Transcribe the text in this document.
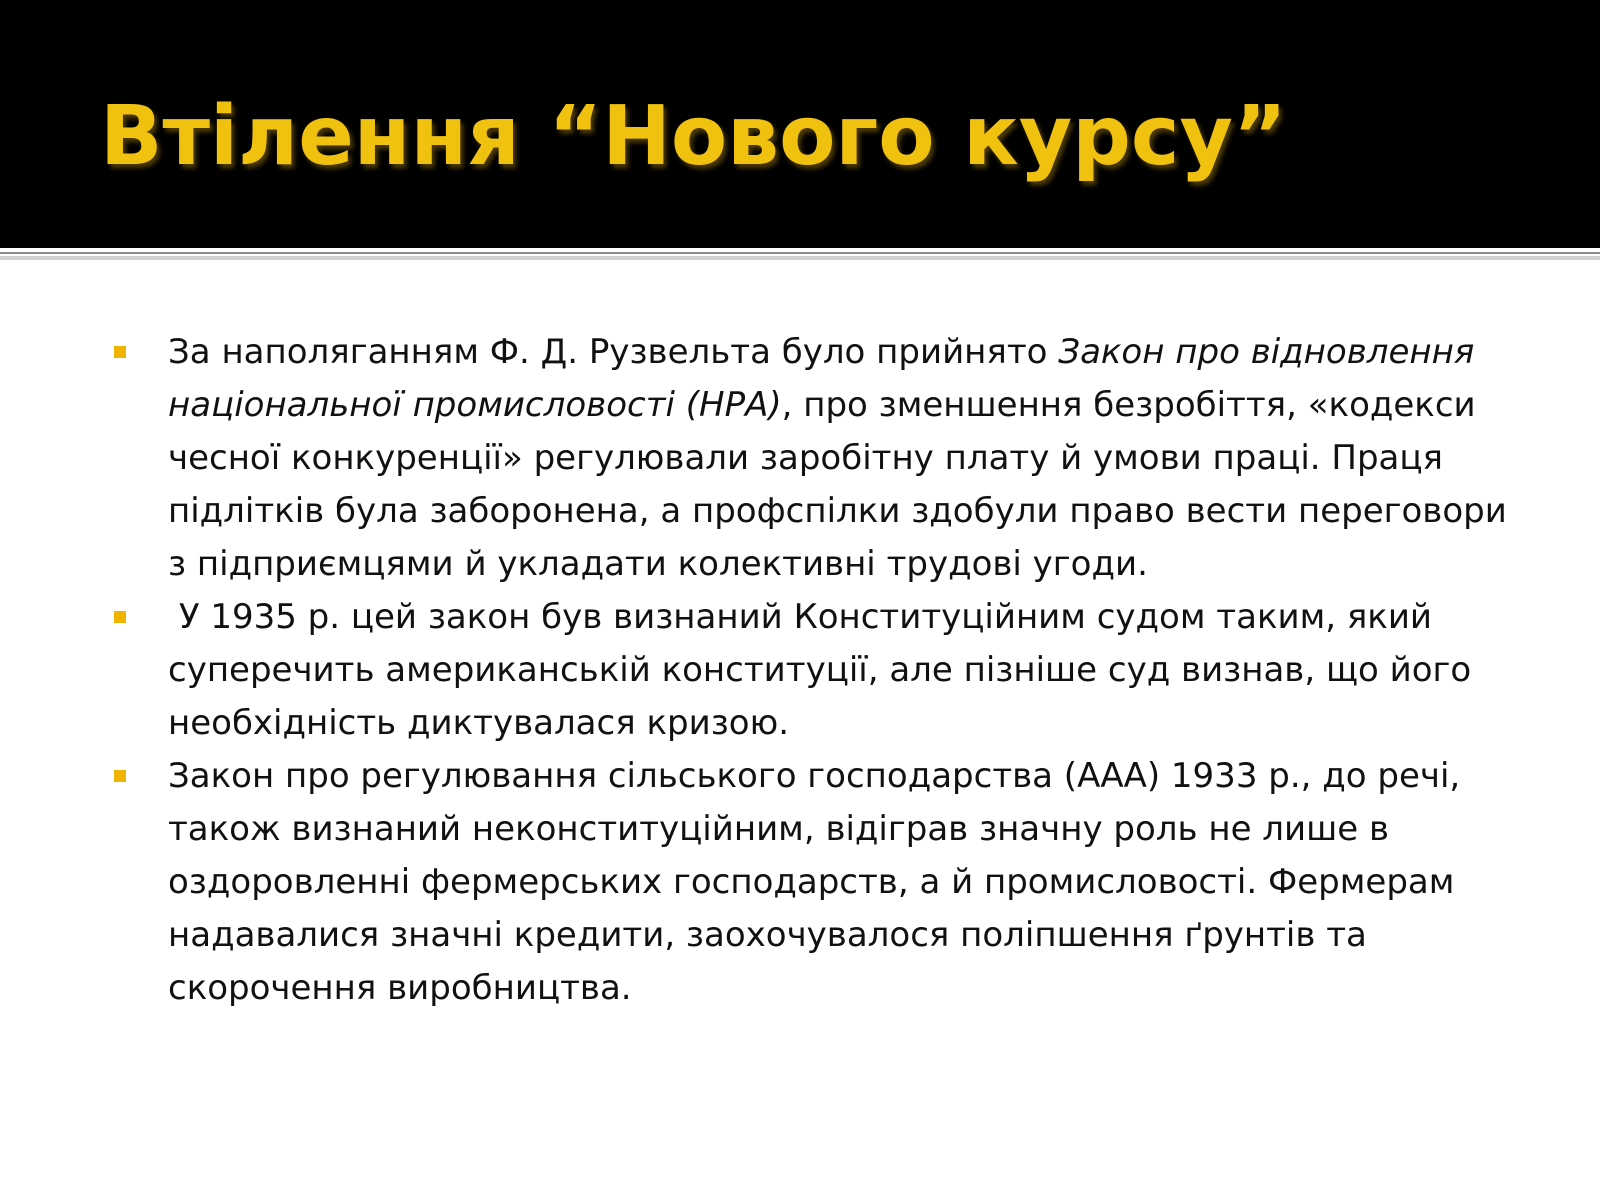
Втілення “Нового курсу”
За наполяганням Ф. Д. Рузвельта було прийнято Закон про відновлення національної промисловості (НРА), про зменшення безробіття, «кодекси чесної конкуренції» регулювали заробітну плату й умови праці. Праця підлітків була заборонена, а профспілки здобули право вести переговори з підприємцями й укладати колективні трудові угоди.
У 1935 р. цей закон був визнаний Конституційним судом таким, який суперечить американській конституції, але пізніше суд визнав, що його необхідність диктувалася кризою.
Закон про регулювання сільського господарства (ААА) 1933 р., до речі, також визнаний неконституційним, відіграв значну роль не лише в оздоровленні фермерських господарств, а й промисловості. Фермерам надавалися значні кредити, заохочувалося поліпшення ґрунтів та скорочення виробництва.
